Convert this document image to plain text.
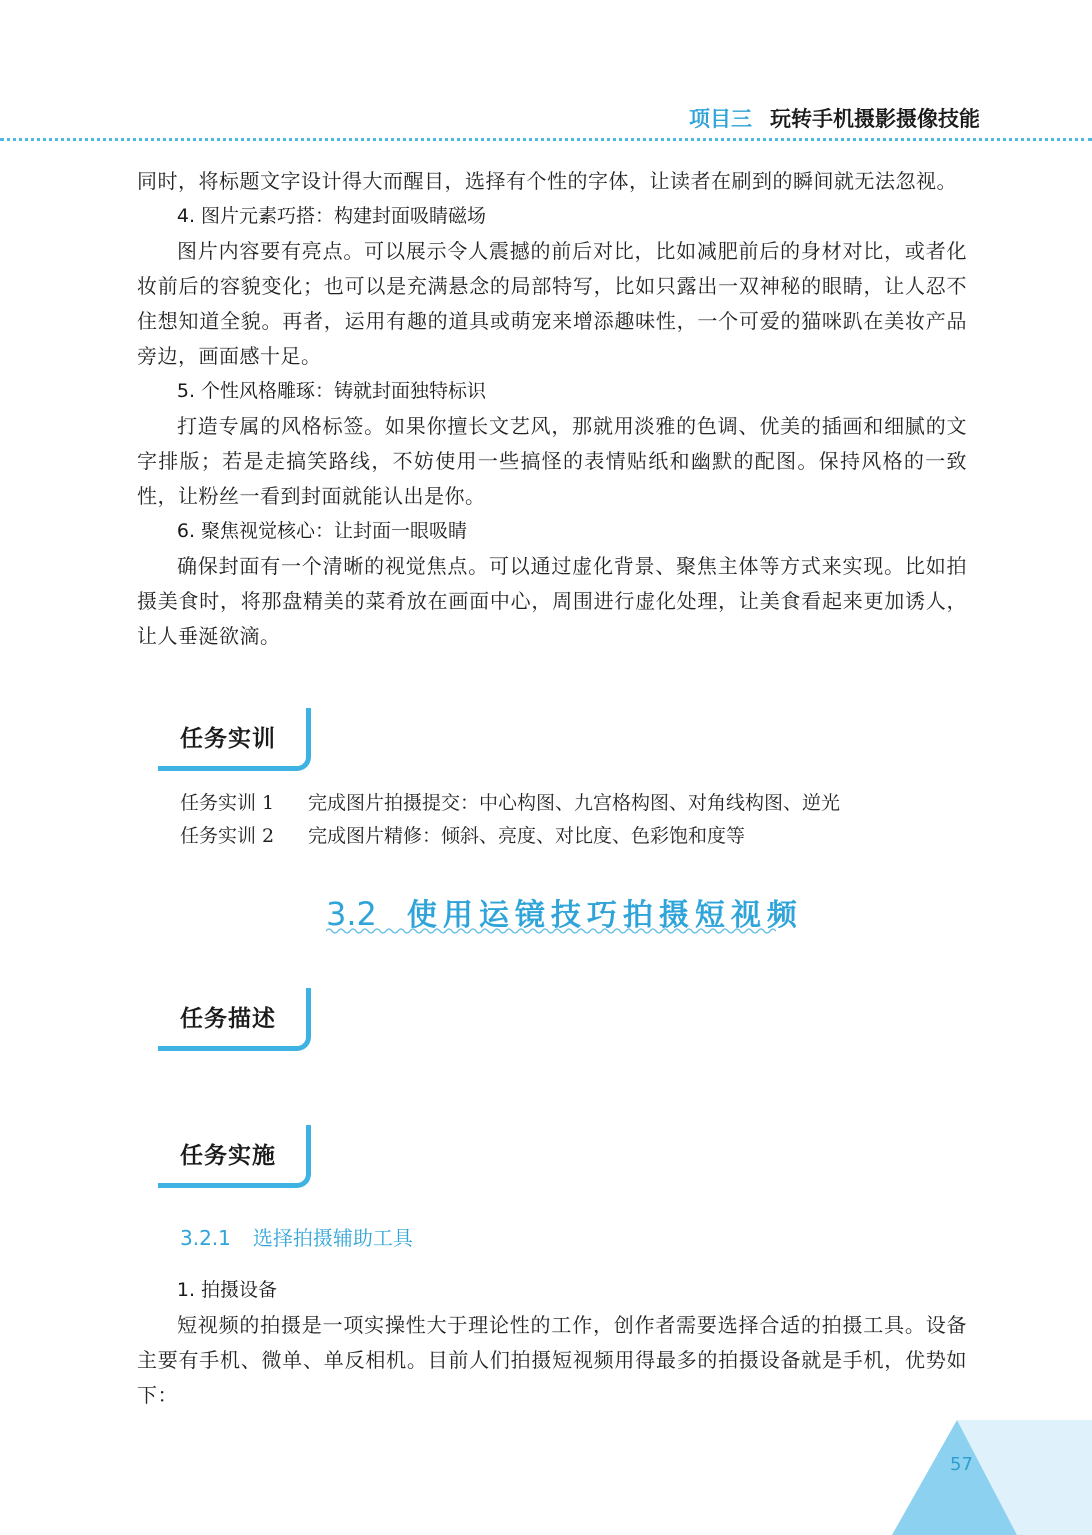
项目三 玩转手机摄影摄像技能

同时，将标题文字设计得大而醒目，选择有个性的字体，让读者在刷到的瞬间就无法忽视。

4. 图片元素巧搭：构建封面吸睛磁场

图片内容要有亮点。可以展示令人震撼的前后对比，比如减肥前后的身材对比，或者化妆前后的容貌变化；也可以是充满悬念的局部特写，比如只露出一双神秘的眼睛，让人忍不住想知道全貌。再者，运用有趣的道具或萌宠来增添趣味性，一个可爱的猫咪趴在美妆产品旁边，画面感十足。

5. 个性风格雕琢：铸就封面独特标识

打造专属的风格标签。如果你擅长文艺风，那就用淡雅的色调、优美的插画和细腻的文字排版；若是走搞笑路线，不妨使用一些搞怪的表情贴纸和幽默的配图。保持风格的一致性，让粉丝一看到封面就能认出是你。

6. 聚焦视觉核心：让封面一眼吸睛

确保封面有一个清晰的视觉焦点。可以通过虚化背景、聚焦主体等方式来实现。比如拍摄美食时，将那盘精美的菜肴放在画面中心，周围进行虚化处理，让美食看起来更加诱人，让人垂涎欲滴。

任务实训
任务实训 1 完成图片拍摄提交：中心构图、九宫格构图、对角线构图、逆光
任务实训 2 完成图片精修：倾斜、亮度、对比度、色彩饱和度等
3.2 使用运镜技巧拍摄短视频
任务描述
任务实施
3.2.1 选择拍摄辅助工具

1. 拍摄设备

短视频的拍摄是一项实操性大于理论性的工作，创作者需要选择合适的拍摄工具。设备主要有手机、微单、单反相机。目前人们拍摄短视频用得最多的拍摄设备就是手机，优势如下：

57
